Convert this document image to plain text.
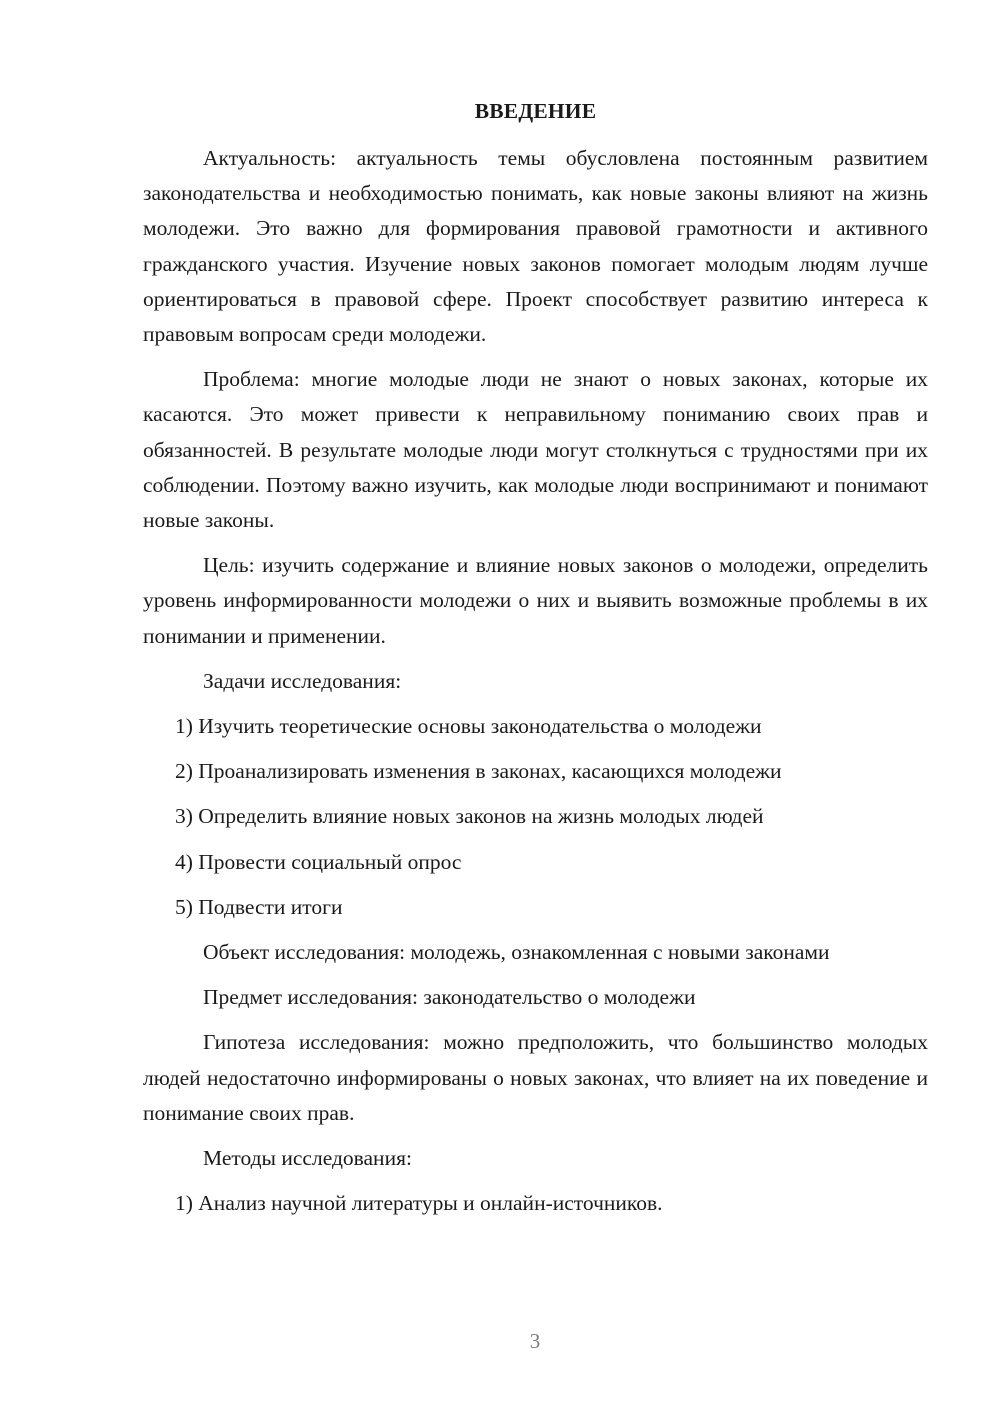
ВВЕДЕНИЕ

Актуальность: актуальность темы обусловлена постоянным развитием законодательства и необходимостью понимать, как новые законы влияют на жизнь молодежи. Это важно для формирования правовой грамотности и активного гражданского участия. Изучение новых законов помогает молодым людям лучше ориентироваться в правовой сфере. Проект способствует развитию интереса к правовым вопросам среди молодежи.

Проблема: многие молодые люди не знают о новых законах, которые их касаются. Это может привести к неправильному пониманию своих прав и обязанностей. В результате молодые люди могут столкнуться с трудностями при их соблюдении. Поэтому важно изучить, как молодые люди воспринимают и понимают новые законы.

Цель: изучить содержание и влияние новых законов о молодежи, определить уровень информированности молодежи о них и выявить возможные проблемы в их понимании и применении.

Задачи исследования:

1) Изучить теоретические основы законодательства о молодежи
2) Проанализировать изменения в законах, касающихся молодежи
3) Определить влияние новых законов на жизнь молодых людей
4) Провести социальный опрос
5) Подвести итоги

Объект исследования: молодежь, ознакомленная с новыми законами

Предмет исследования: законодательство о молодежи

Гипотеза исследования: можно предположить, что большинство молодых людей недостаточно информированы о новых законах, что влияет на их поведение и понимание своих прав.

Методы исследования:

1) Анализ научной литературы и онлайн-источников.
3
